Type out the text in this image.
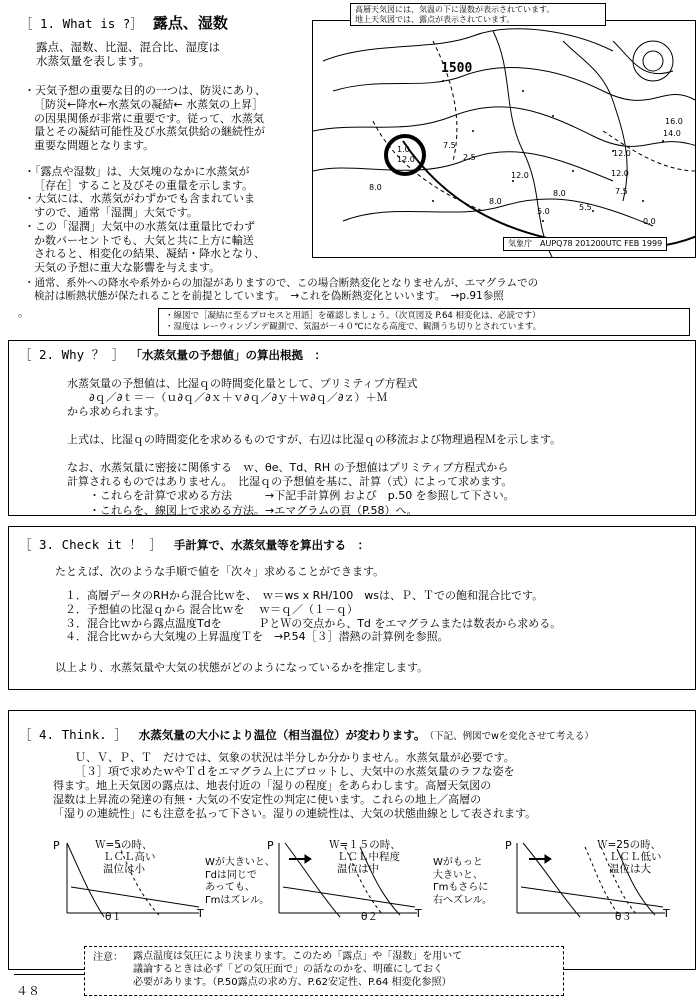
［ 1. What is ?］ 露点、湿数
露点、湿数、比湿、混合比、湿度は
水蒸気量を表します。
・天気予想の重要な目的の一つは、防災にあり、
［防災←降水←水蒸気の凝結← 水蒸気の上昇］
の因果関係が非常に重要です。従って、水蒸気
量とその凝結可能性及び水蒸気供給の継続性が
重要な問題となります。
・「露点や湿数」は、大気塊のなかに水蒸気が
［存在］すること及びその重量を示します。
・大気には、水蒸気がわずかでも含まれていま
すので、通常「湿潤」大気です。
・この「湿潤」大気中の水蒸気は重量比でわず
か数パーセントでも、大気と共に上方に輸送
されると、相変化の結果、凝結・降水となり、
天気の予想に重大な影響を与えます。
1500
1.0
12.0
7.5
2.5
8.0
12.0
14.0
16.0
12.0
8.0
5.5
12.0
8.0
7.5
5.0
0.0
気象庁　AUPQ78 201200UTC FEB 1999
高層天気図には、気温の下に湿数が表示されています。
地上天気図では、露点が表示されています。
・通常、系外への降水や系外からの加湿がありますので、この場合断熱変化となりませんが、エマグラムでの
検討は断熱状態が保たれることを前提としています。　→これを偽断熱変化といいます。　→p.91参照
。	・線図で［凝結に至るプロセスと用語］を確認しましょう。（次頁図及 P.64 相変化は、必読です）
・湿度は レーウィンゾンデ観測で、気温が－４０℃になる高度で、観測うち切りとされています。
［ 2. Why ？ ］ 「水蒸気量の予想値」の算出根拠　：
水蒸気量の予想値は、比湿ｑの時間変化量として、プリミティブ方程式
　　∂ｑ／∂ｔ＝－（ｕ∂ｑ／∂ｘ＋ｖ∂ｑ／∂ｙ＋ｗ∂ｑ／∂ｚ）＋Ｍ
から求められます。
上式は、比湿ｑの時間変化を求めるものですが、右辺は比湿ｑの移流および物理過程Ｍを示します。
なお、水蒸気量に密接に関係する　ｗ、θe、Td、RH の予想値はプリミティブ方程式から
計算されるものではありません。　比湿ｑの予想値を基に、計算（式）によって求めます。
　　・これらを計算で求める方法　　　→下記手計算例 および　p.50 を参照して下さい。
　　・これらを、線図上で求める方法。→エマグラムの頁（P.58）へ。
［ 3. Check it ！ ］ 手計算で、水蒸気量等を算出する　：
たとえば、次のような手順で値を「次々」求めることができます。
１．高層データのRHから混合比ｗを、　ｗ＝ws x RH/100　wsは、Ｐ、Ｔでの飽和混合比です。
２．予想値の比湿ｑから 混合比ｗを　 ｗ＝ｑ／（１－ｑ）
３．混合比ｗから露点温度Tdを　　　 ＰとＷの交点から、Td をエマグラムまたは数表から求める。
４．混合比ｗから大気塊の上昇温度Ｔを　→P.54［３］潜熱の計算例を参照。
以上より、水蒸気量や大気の状態がどのようになっているかを推定します。
［ 4. Think. ］ 水蒸気量の大小により温位（相当温位）が変わります。 （下記、例図でwを変化させて考える）
Ｕ、Ｖ、Ｐ、Ｔ　だけでは、気象の状況は半分しか分かりません。水蒸気量が必要です。
［３］項で求めたｗやＴｄをエマグラム上にプロットし、大気中の水蒸気量のラフな姿を
得ます。地上天気図の露点は、地表付近の「湿りの程度」をあらわします。高層天気図の
湿数は上昇流の発達の有無・大気の不安定性の判定に使います。これらの地上／高層の
「湿りの連続性」にも注意を払って下さい。湿りの連続性は、大気の状態曲線として表されます。
P
T
Ｗ=5の時、
ＬＣＬ高い
温位は小
θ１
Wが大きいと、
Γdは同じで
あっても、
Γmはズレル。
P
T
Ｗ=１５の時、
ＬＣＬ中程度
温位は中
θ２
Wがもっと
大きいと、
Γmもさらに
右へズレル。
P
T
Ｗ=25の時、
ＬＣＬ低い
温位は大
θ３
注意： 露点温度は気圧により決まります。このため「露点」や「湿数」を用いて
議論するときは必ず「どの気圧面で」の話なのかを、明確にしておく
必要があります。（P.50露点の求め方、P.62安定性、P.64 相変化参照）
４８
